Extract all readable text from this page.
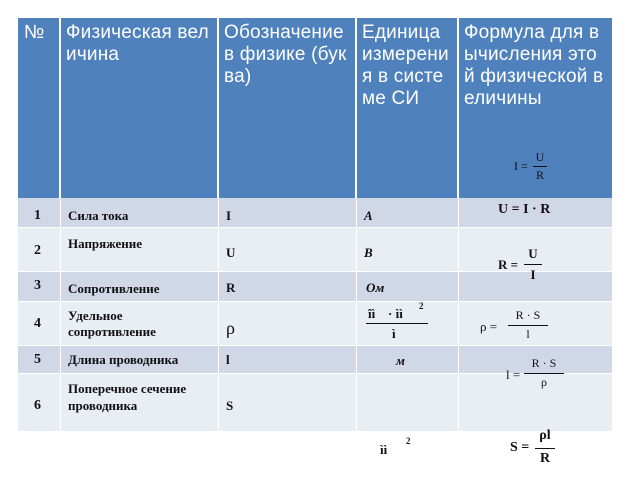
№	Физическая величина
Обозначение в физике (буква)
Единица измерения в системе СИ
Формула для вычисления этой физической величины
1
2
3
4
5
6
Сила тока
Напряжение
Сопротивление
Удельное сопротивление
Длина проводника
Поперечное сечение проводника
I
U
R
ρ
l
S
А
В
Ом
îì · ìì 2
ì
м
ìì
2
I =
U
R
U = I · R
R =
U
I
ρ =
R · S
l
l =
R · S
ρ
S =
ρl
R
